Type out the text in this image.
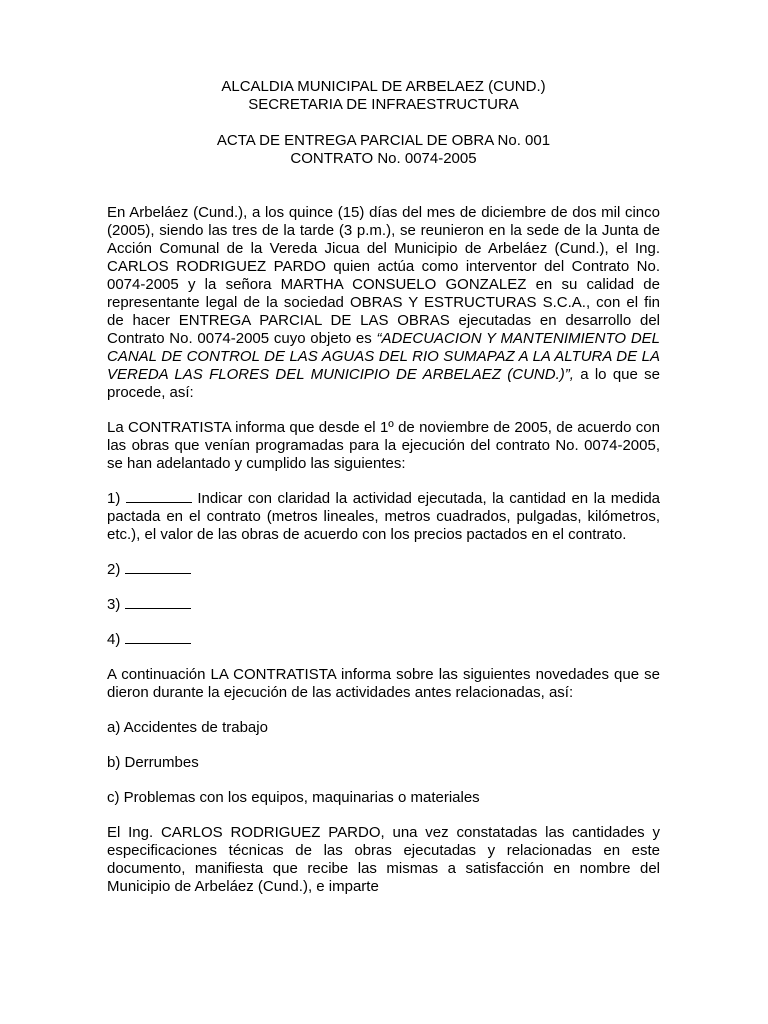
ALCALDIA MUNICIPAL DE ARBELAEZ (CUND.)
SECRETARIA DE INFRAESTRUCTURA
ACTA DE ENTREGA PARCIAL DE OBRA No. 001
CONTRATO No. 0074-2005

En Arbeláez (Cund.), a los quince (15) días del mes de diciembre de dos mil cinco (2005), siendo las tres de la tarde (3 p.m.), se reunieron en la sede de la Junta de Acción Comunal de la Vereda Jicua del Municipio de Arbeláez (Cund.), el Ing. CARLOS RODRIGUEZ PARDO quien actúa como interventor del Contrato No. 0074-2005 y la señora MARTHA CONSUELO GONZALEZ en su calidad de representante legal de la sociedad OBRAS Y ESTRUCTURAS S.C.A., con el fin de hacer ENTREGA PARCIAL DE LAS OBRAS ejecutadas en desarrollo del Contrato No. 0074-2005 cuyo objeto es “ADECUACION Y MANTENIMIENTO DEL CANAL DE CONTROL DE LAS AGUAS DEL RIO SUMAPAZ A LA ALTURA DE LA VEREDA LAS FLORES DEL MUNICIPIO DE ARBELAEZ (CUND.)”, a lo que se procede, así:

La CONTRATISTA informa que desde el 1º de noviembre de 2005, de acuerdo con las obras que venían programadas para la ejecución del contrato No. 0074-2005, se han adelantado y cumplido las siguientes:

1)	Indicar con claridad la actividad ejecutada, la cantidad en la medida pactada en el contrato (metros lineales, metros cuadrados, pulgadas, kilómetros, etc.), el valor de las obras de acuerdo con los precios pactados en el contrato.

2)

3)

4)

A continuación LA CONTRATISTA informa sobre las siguientes novedades que se dieron durante la ejecución de las actividades antes relacionadas, así:

a) Accidentes de trabajo

b) Derrumbes

c) Problemas con los equipos, maquinarias o materiales

El Ing. CARLOS RODRIGUEZ PARDO, una vez constatadas las cantidades y especificaciones técnicas de las obras ejecutadas y relacionadas en este documento, manifiesta que recibe las mismas a satisfacción en nombre del Municipio de Arbeláez (Cund.), e imparte
